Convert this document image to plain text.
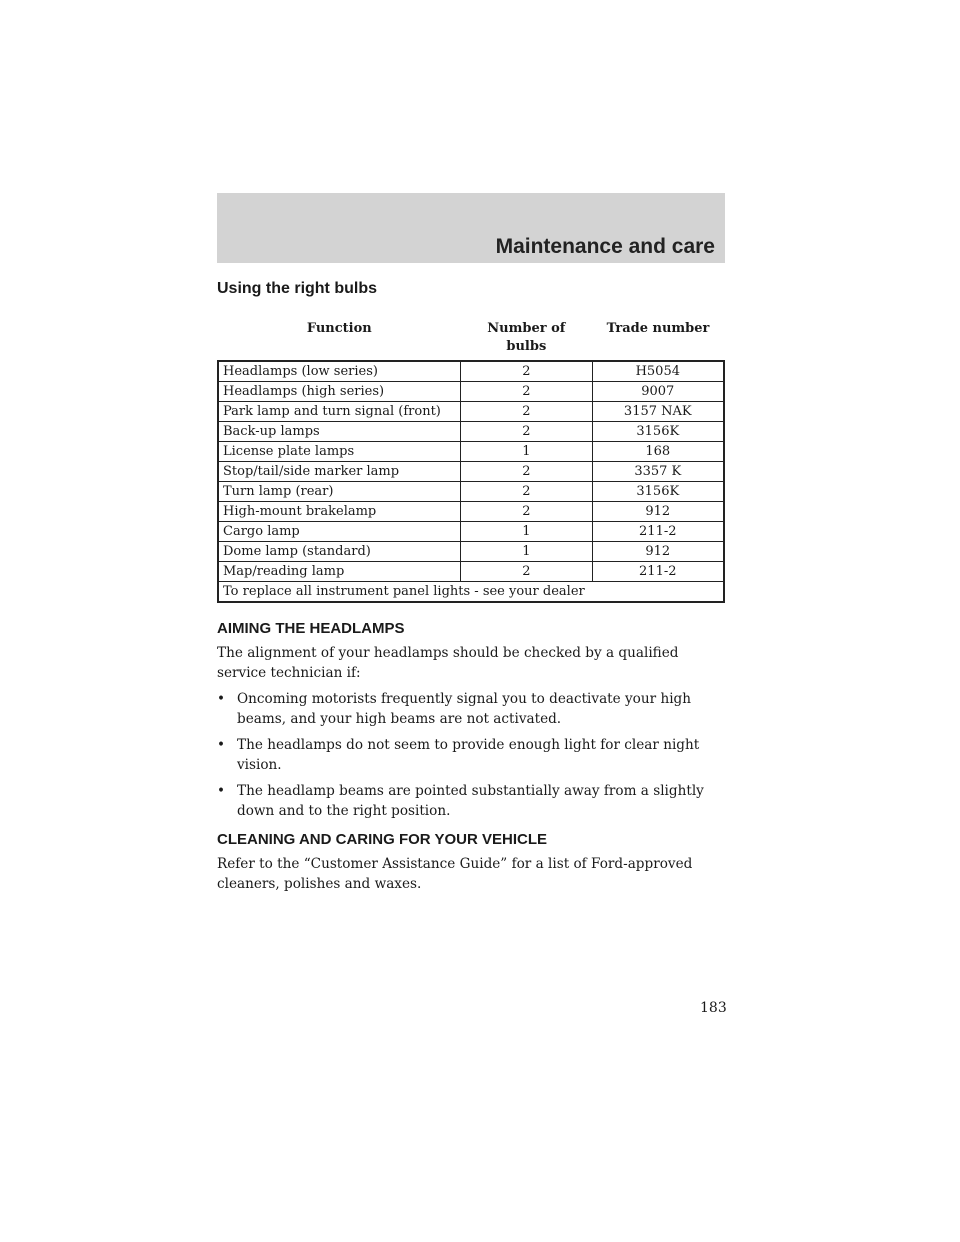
Maintenance and care
Using the right bulbs
Function	Number of bulbs	Trade number
Headlamps (low series)	2	H5054
Headlamps (high series)	2	9007
Park lamp and turn signal (front)	2	3157 NAK
Back-up lamps	2	3156K
License plate lamps	1	168
Stop/tail/side marker lamp	2	3357 K
Turn lamp (rear)	2	3156K
High-mount brakelamp	2	912
Cargo lamp	1	211-2
Dome lamp (standard)	1	912
Map/reading lamp	2	211-2
To replace all instrument panel lights - see your dealer		
AIMING THE HEADLAMPS

The alignment of your headlamps should be checked by a qualified service technician if:

• Oncoming motorists frequently signal you to deactivate your high beams, and your high beams are not activated.
• The headlamps do not seem to provide enough light for clear night vision.
• The headlamp beams are pointed substantially away from a slightly down and to the right position.
CLEANING AND CARING FOR YOUR VEHICLE

Refer to the “Customer Assistance Guide” for a list of Ford-approved cleaners, polishes and waxes.

183
